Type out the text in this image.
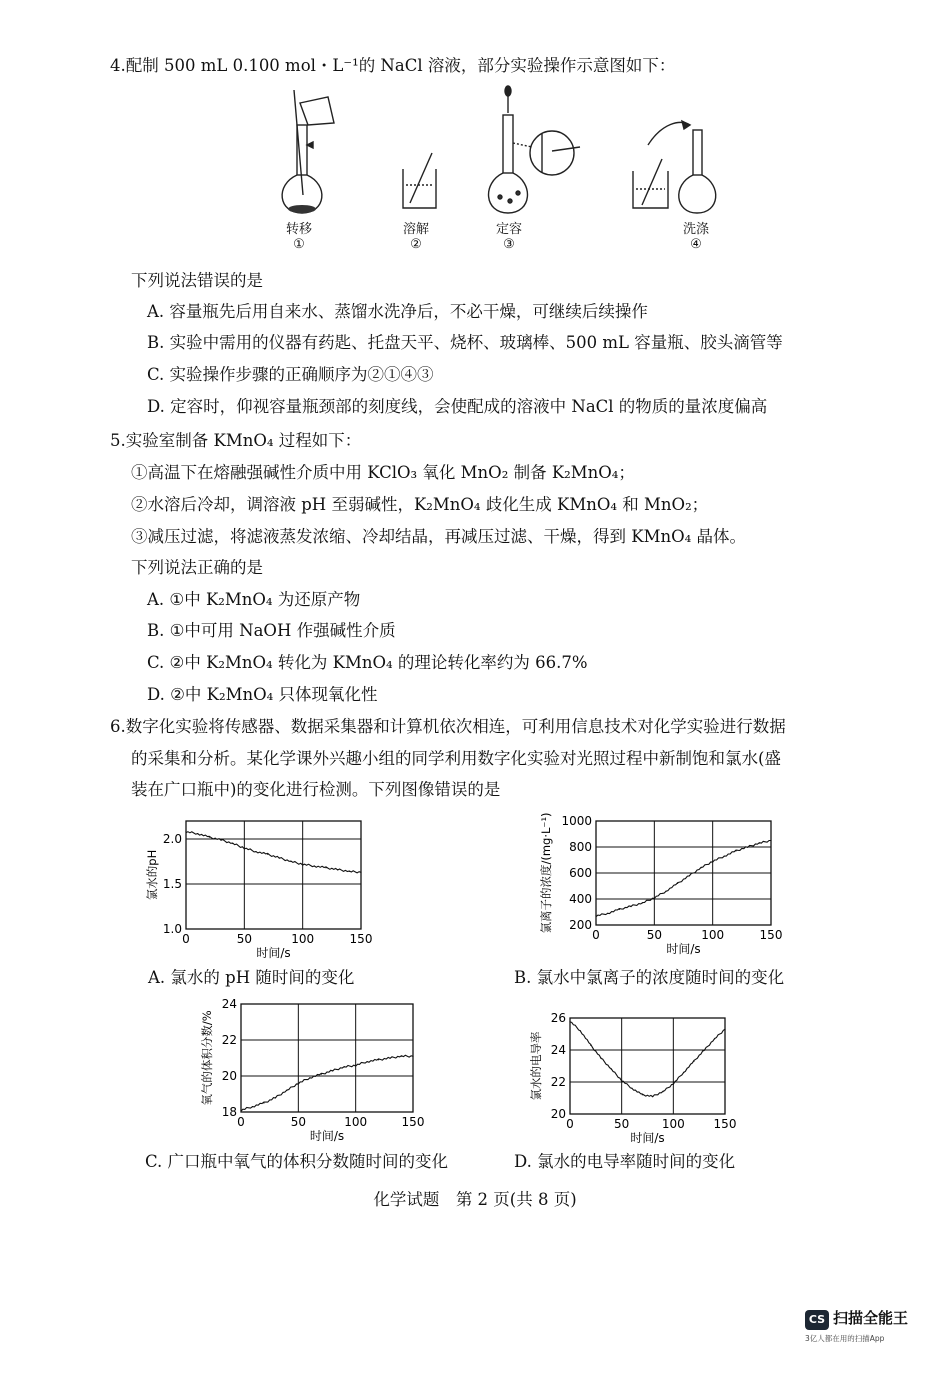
4.配制 500 mL 0.100 mol・L⁻¹的 NaCl 溶液，部分实验操作示意图如下：
转移
①
溶解
②
定容
③
洗涤
④
下列说法错误的是
A. 容量瓶先后用自来水、蒸馏水洗净后，不必干燥，可继续后续操作
B. 实验中需用的仪器有药匙、托盘天平、烧杯、玻璃棒、500 mL 容量瓶、胶头滴管等
C. 实验操作步骤的正确顺序为②①④③
D. 定容时，仰视容量瓶颈部的刻度线，会使配成的溶液中 NaCl 的物质的量浓度偏高
5.实验室制备 KMnO₄ 过程如下：
①高温下在熔融强碱性介质中用 KClO₃ 氧化 MnO₂ 制备 K₂MnO₄；
②水溶后冷却，调溶液 pH 至弱碱性，K₂MnO₄ 歧化生成 KMnO₄ 和 MnO₂；
③减压过滤，将滤液蒸发浓缩、冷却结晶，再减压过滤、干燥，得到 KMnO₄ 晶体。
下列说法正确的是
A. ①中 K₂MnO₄ 为还原产物
B. ①中可用 NaOH 作强碱性介质
C. ②中 K₂MnO₄ 转化为 KMnO₄ 的理论转化率约为 66.7%
D. ②中 K₂MnO₄ 只体现氧化性
6.数字化实验将传感器、数据采集器和计算机依次相连，可利用信息技术对化学实验进行数据
的采集和分析。某化学课外兴趣小组的同学利用数字化实验对光照过程中新制饱和氯水(盛
装在广口瓶中)的变化进行检测。下列图像错误的是
0	50	100	150
1.0
1.5
2.0
时间/s
氯水的pH
0	50	100	150
200
400
600
800
1000
时间/s
氯离子的浓度/(mg·L⁻¹)
0	50	100	150
18
20
22
24
时间/s
氧气的体积分数/%
0	50	100 150
20
22
24
26
时间/s
氯水的电导率
A. 氯水的 pH 随时间的变化	B. 氯水中氯离子的浓度随时间的变化
C. 广口瓶中氧气的体积分数随时间的变化	D. 氯水的电导率随时间的变化
化学试题　第 2 页(共 8 页)
CS 扫描全能王
3亿人都在用的扫描App
